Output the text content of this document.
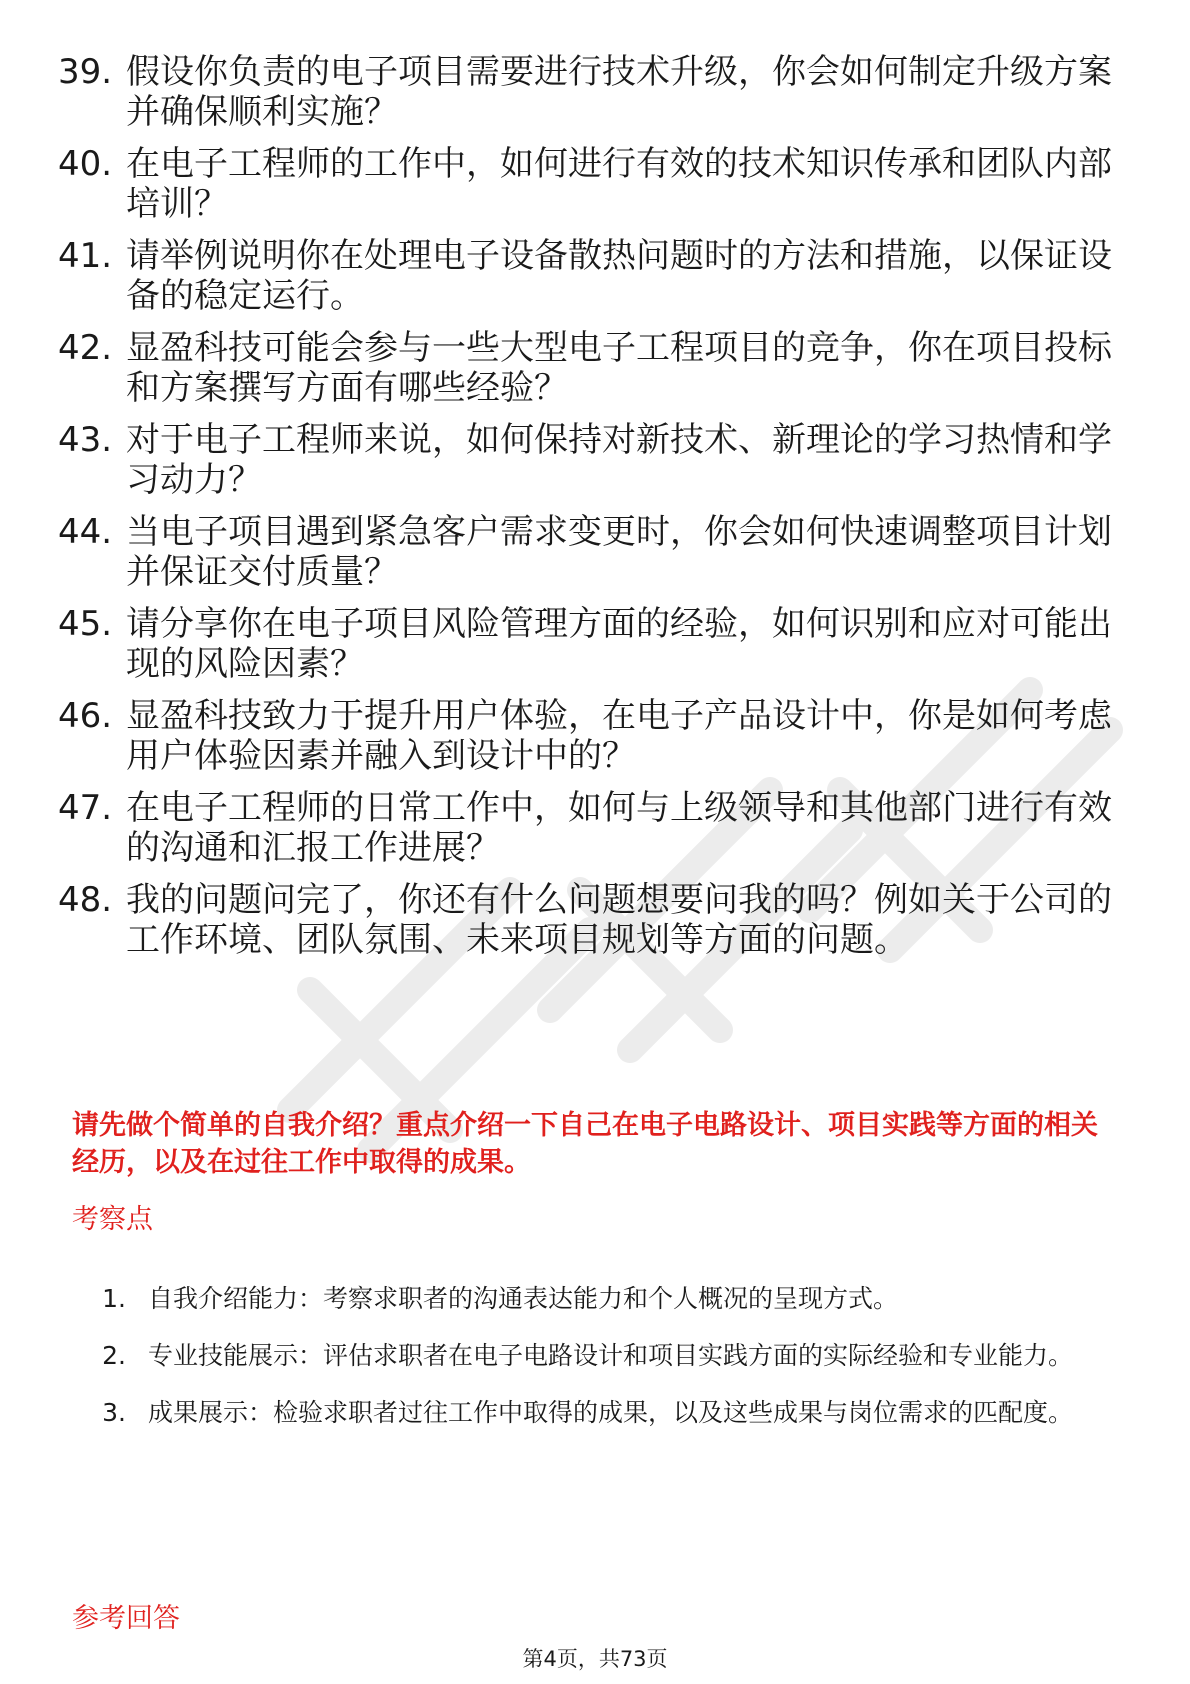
39. 假设你负责的电子项目需要进行技术升级，你会如何制定升级方案并确保顺利实施？
40. 在电子工程师的工作中，如何进行有效的技术知识传承和团队内部培训？
41. 请举例说明你在处理电子设备散热问题时的方法和措施，以保证设备的稳定运行。
42. 显盈科技可能会参与一些大型电子工程项目的竞争，你在项目投标和方案撰写方面有哪些经验？
43. 对于电子工程师来说，如何保持对新技术、新理论的学习热情和学习动力？
44. 当电子项目遇到紧急客户需求变更时，你会如何快速调整项目计划并保证交付质量？
45. 请分享你在电子项目风险管理方面的经验，如何识别和应对可能出现的风险因素？
46. 显盈科技致力于提升用户体验，在电子产品设计中，你是如何考虑用户体验因素并融入到设计中的？
47. 在电子工程师的日常工作中，如何与上级领导和其他部门进行有效的沟通和汇报工作进展？
48. 我的问题问完了，你还有什么问题想要问我的吗？例如关于公司的工作环境、团队氛围、未来项目规划等方面的问题。
请先做个简单的自我介绍？重点介绍一下自己在电子电路设计、项目实践等方面的相关经历，以及在过往工作中取得的成果。
考察点
1. 自我介绍能力：考察求职者的沟通表达能力和个人概况的呈现方式。
2. 专业技能展示：评估求职者在电子电路设计和项目实践方面的实际经验和专业能力。
3. 成果展示：检验求职者过往工作中取得的成果，以及这些成果与岗位需求的匹配度。
参考回答
第4页，共73页
